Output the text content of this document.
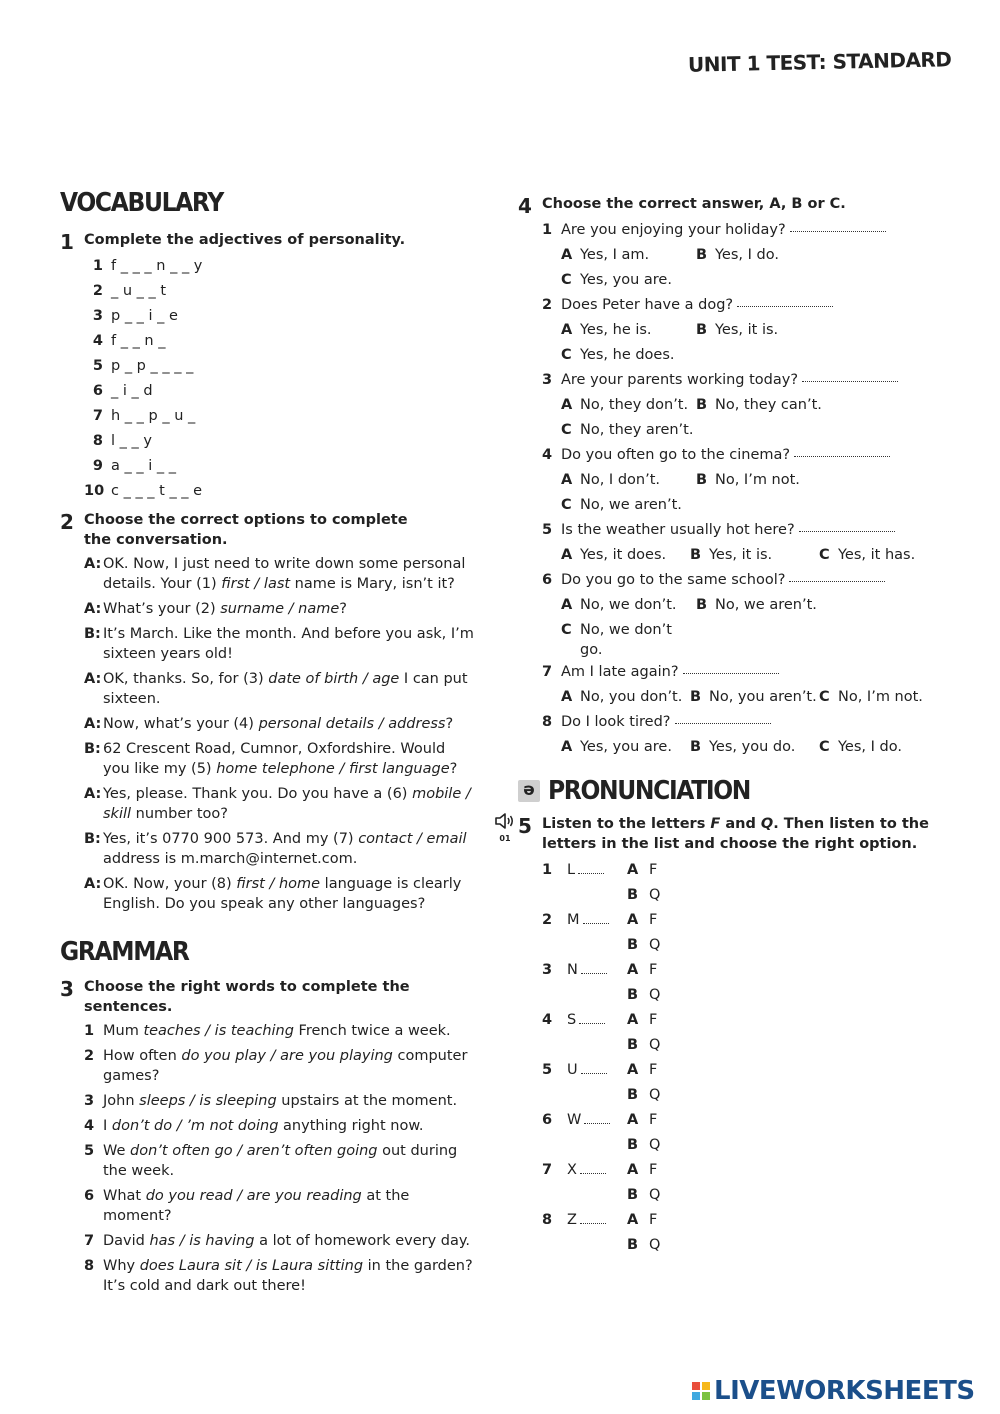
UNIT 1 TEST: STANDARD
VOCABULARY
1 Complete the adjectives of personality.
1 f _ _ _ n _ _ y
2 _ u _ _ t
3 p _ _ i _ e
4 f _ _ n _
5 p _ p _ _ _ _
6 _ i _ d
7 h _ _ p _ u _
8 l _ _ y
9 a _ _ i _ _
10 c _ _ _ t _ _ e
2 Choose the correct options to complete the conversation.
A: OK. Now, I just need to write down some personal details. Your (1) first / last name is Mary, isn’t it?
A: What’s your (2) surname / name?
B: It’s March. Like the month. And before you ask, I’m sixteen years old!
A: OK, thanks. So, for (3) date of birth / age I can put sixteen.
A: Now, what’s your (4) personal details / address?
B: 62 Crescent Road, Cumnor, Oxfordshire. Would you like my (5) home telephone / first language?
A: Yes, please. Thank you. Do you have a (6) mobile / skill number too?
B: Yes, it’s 0770 900 573. And my (7) contact / email address is m.march@internet.com.
A: OK. Now, your (8) first / home language is clearly English. Do you speak any other languages?
GRAMMAR
3 Choose the right words to complete the sentences.
1 Mum teaches / is teaching French twice a week.
2 How often do you play / are you playing computer games?
3 John sleeps / is sleeping upstairs at the moment.
4 I don’t do / ’m not doing anything right now.
5 We don’t often go / aren’t often going out during the week.
6 What do you read / are you reading at the moment?
7 David has / is having a lot of homework every day.
8 Why does Laura sit / is Laura sitting in the garden? It’s cold and dark out there!
4 Choose the correct answer, A, B or C.
1 Are you enjoying your holiday?
A Yes, I am.	B Yes, I do.
C Yes, you are.
2 Does Peter have a dog?
A Yes, he is.	B Yes, it is.
C Yes, he does.
3 Are your parents working today?
A No, they don’t. B No, they can’t.
C No, they aren’t.
4 Do you often go to the cinema?
A No, I don’t. B No, I’m not.
C No, we aren’t.
5 Is the weather usually hot here?
A Yes, it does. B Yes, it is.	C Yes, it has.
6 Do you go to the same school?
A No, we don’t. B No, we aren’t.
C No, we don’t go.
7 Am I late again?
A No, you don’t. B No, you aren’t. C No, I’m not.
8 Do I look tired?
A Yes, you are. B Yes, you do. C Yes, I do.
ə PRONUNCIATION
01
5 Listen to the letters F and Q. Then listen to the letters in the list and choose the right option.
1	L	A F
B Q
2	M	A F
B Q
3	N	A F
B Q
4	S	A F
B Q
5	U	A F
B Q
6	W	A F
B Q
7	X	A F
B Q
8	Z	A F
B Q
LIVEWORKSHEETS
